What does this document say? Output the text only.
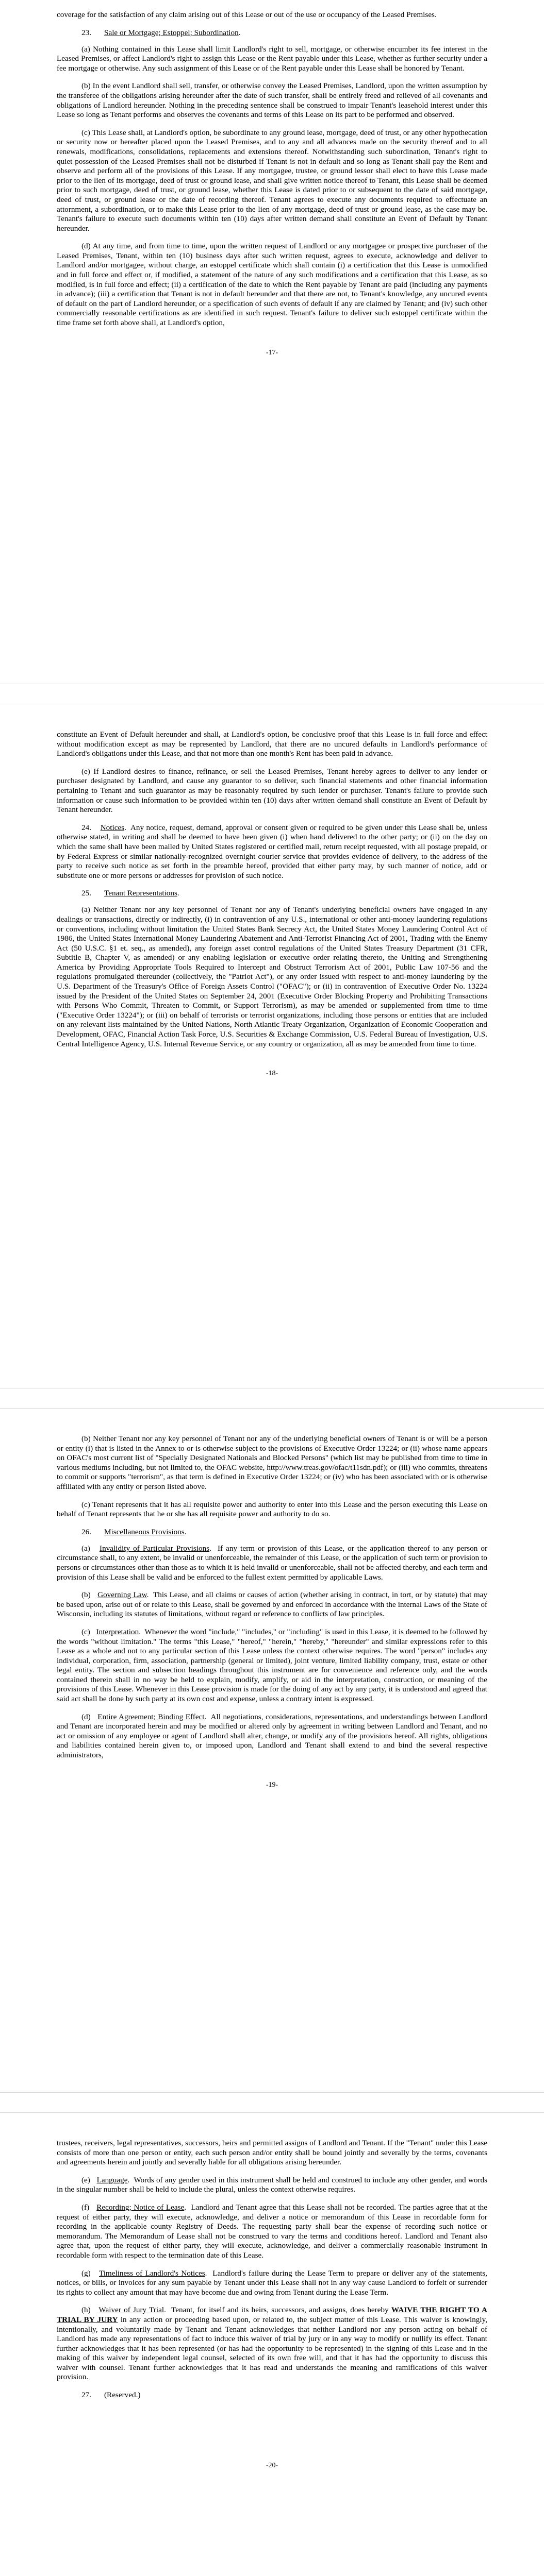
coverage for the satisfaction of any claim arising out of this Lease or out of the use or occupancy of the Leased Premises.

23. Sale or Mortgage; Estoppel; Subordination.

(a) Nothing contained in this Lease shall limit Landlord's right to sell, mortgage, or otherwise encumber its fee interest in the Leased Premises, or affect Landlord's right to assign this Lease or the Rent payable under this Lease, whether as further security under a fee mortgage or otherwise. Any such assignment of this Lease or of the Rent payable under this Lease shall be honored by Tenant.

(b) In the event Landlord shall sell, transfer, or otherwise convey the Leased Premises, Landlord, upon the written assumption by the transferee of the obligations arising hereunder after the date of such transfer, shall be entirely freed and relieved of all covenants and obligations of Landlord hereunder. Nothing in the preceding sentence shall be construed to impair Tenant's leasehold interest under this Lease so long as Tenant performs and observes the covenants and terms of this Lease on its part to be performed and observed.

(c) This Lease shall, at Landlord's option, be subordinate to any ground lease, mortgage, deed of trust, or any other hypothecation or security now or hereafter placed upon the Leased Premises, and to any and all advances made on the security thereof and to all renewals, modifications, consolidations, replacements and extensions thereof. Notwithstanding such subordination, Tenant's right to quiet possession of the Leased Premises shall not be disturbed if Tenant is not in default and so long as Tenant shall pay the Rent and observe and perform all of the provisions of this Lease. If any mortgagee, trustee, or ground lessor shall elect to have this Lease made prior to the lien of its mortgage, deed of trust or ground lease, and shall give written notice thereof to Tenant, this Lease shall be deemed prior to such mortgage, deed of trust, or ground lease, whether this Lease is dated prior to or subsequent to the date of said mortgage, deed of trust, or ground lease or the date of recording thereof. Tenant agrees to execute any documents required to effectuate an attornment, a subordination, or to make this Lease prior to the lien of any mortgage, deed of trust or ground lease, as the case may be. Tenant's failure to execute such documents within ten (10) days after written demand shall constitute an Event of Default by Tenant hereunder.

(d) At any time, and from time to time, upon the written request of Landlord or any mortgagee or prospective purchaser of the Leased Premises, Tenant, within ten (10) business days after such written request, agrees to execute, acknowledge and deliver to Landlord and/or mortgagee, without charge, an estoppel certificate which shall contain (i) a certification that this Lease is unmodified and in full force and effect or, if modified, a statement of the nature of any such modifications and a certification that this Lease, as so modified, is in full force and effect; (ii) a certification of the date to which the Rent payable by Tenant are paid (including any payments in advance); (iii) a certification that Tenant is not in default hereunder and that there are not, to Tenant's knowledge, any uncured events of default on the part of Landlord hereunder, or a specification of such events of default if any are claimed by Tenant; and (iv) such other commercially reasonable certifications as are identified in such request. Tenant's failure to deliver such estoppel certificate within the time frame set forth above shall, at Landlord's option,

-17-

constitute an Event of Default hereunder and shall, at Landlord's option, be conclusive proof that this Lease is in full force and effect without modification except as may be represented by Landlord, that there are no uncured defaults in Landlord's performance of Landlord's obligations under this Lease, and that not more than one month's Rent has been paid in advance.

(e) If Landlord desires to finance, refinance, or sell the Leased Premises, Tenant hereby agrees to deliver to any lender or purchaser designated by Landlord, and cause any guarantor to so deliver, such financial statements and other financial information pertaining to Tenant and such guarantor as may be reasonably required by such lender or purchaser. Tenant's failure to provide such information or cause such information to be provided within ten (10) days after written demand shall constitute an Event of Default by Tenant hereunder.

24. Notices.  Any notice, request, demand, approval or consent given or required to be given under this Lease shall be, unless otherwise stated, in writing and shall be deemed to have been given (i) when hand delivered to the other party; or (ii) on the day on which the same shall have been mailed by United States registered or certified mail, return receipt requested, with all postage prepaid, or by Federal Express or similar nationally-recognized overnight courier service that provides evidence of delivery, to the address of the party to receive such notice as set forth in the preamble hereof, provided that either party may, by such manner of notice, add or substitute one or more persons or addresses for provision of such notice.

25. Tenant Representations.

(a) Neither Tenant nor any key personnel of Tenant nor any of Tenant's underlying beneficial owners have engaged in any dealings or transactions, directly or indirectly, (i) in contravention of any U.S., international or other anti-money laundering regulations or conventions, including without limitation the United States Bank Secrecy Act, the United States Money Laundering Control Act of 1986, the United States International Money Laundering Abatement and Anti-Terrorist Financing Act of 2001, Trading with the Enemy Act (50 U.S.C. §1 et. seq., as amended), any foreign asset control regulations of the United States Treasury Department (31 CFR, Subtitle B, Chapter V, as amended) or any enabling legislation or executive order relating thereto, the Uniting and Strengthening America by Providing Appropriate Tools Required to Intercept and Obstruct Terrorism Act of 2001, Public Law 107-56 and the regulations promulgated thereunder (collectively, the "Patriot Act"), or any order issued with respect to anti-money laundering by the U.S. Department of the Treasury's Office of Foreign Assets Control ("OFAC"); or (ii) in contravention of Executive Order No. 13224 issued by the President of the United States on September 24, 2001 (Executive Order Blocking Property and Prohibiting Transactions with Persons Who Commit, Threaten to Commit, or Support Terrorism), as may be amended or supplemented from time to time ("Executive Order 13224"); or (iii) on behalf of terrorists or terrorist organizations, including those persons or entities that are included on any relevant lists maintained by the United Nations, North Atlantic Treaty Organization, Organization of Economic Cooperation and Development, OFAC, Financial Action Task Force, U.S. Securities & Exchange Commission, U.S. Federal Bureau of Investigation, U.S. Central Intelligence Agency, U.S. Internal Revenue Service, or any country or organization, all as may be amended from time to time.

-18-

(b) Neither Tenant nor any key personnel of Tenant nor any of the underlying beneficial owners of Tenant is or will be a person or entity (i) that is listed in the Annex to or is otherwise subject to the provisions of Executive Order 13224; or (ii) whose name appears on OFAC's most current list of "Specially Designated Nationals and Blocked Persons" (which list may be published from time to time in various mediums including, but not limited to, the OFAC website, http://www.treas.gov/ofac/t11sdn.pdf); or (iii) who commits, threatens to commit or supports "terrorism", as that term is defined in Executive Order 13224; or (iv) who has been associated with or is otherwise affiliated with any entity or person listed above.

(c) Tenant represents that it has all requisite power and authority to enter into this Lease and the person executing this Lease on behalf of Tenant represents that he or she has all requisite power and authority to do so.

26. Miscellaneous Provisions.

(a)   Invalidity of Particular Provisions.  If any term or provision of this Lease, or the application thereof to any person or circumstance shall, to any extent, be invalid or unenforceable, the remainder of this Lease, or the application of such term or provision to persons or circumstances other than those as to which it is held invalid or unenforceable, shall not be affected thereby, and each term and provision of this Lease shall be valid and be enforced to the fullest extent permitted by applicable Laws.

(b)   Governing Law.  This Lease, and all claims or causes of action (whether arising in contract, in tort, or by statute) that may be based upon, arise out of or relate to this Lease, shall be governed by and enforced in accordance with the internal Laws of the State of Wisconsin, including its statutes of limitations, without regard or reference to conflicts of law principles.

(c)   Interpretation.  Whenever the word "include," "includes," or "including" is used in this Lease, it is deemed to be followed by the words "without limitation." The terms "this Lease," "hereof," "herein," "hereby," "hereunder" and similar expressions refer to this Lease as a whole and not to any particular section of this Lease unless the context otherwise requires. The word "person" includes any individual, corporation, firm, association, partnership (general or limited), joint venture, limited liability company, trust, estate or other legal entity. The section and subsection headings throughout this instrument are for convenience and reference only, and the words contained therein shall in no way be held to explain, modify, amplify, or aid in the interpretation, construction, or meaning of the provisions of this Lease. Whenever in this Lease provision is made for the doing of any act by any party, it is understood and agreed that said act shall be done by such party at its own cost and expense, unless a contrary intent is expressed.

(d)   Entire Agreement; Binding Effect.  All negotiations, considerations, representations, and understandings between Landlord and Tenant are incorporated herein and may be modified or altered only by agreement in writing between Landlord and Tenant, and no act or omission of any employee or agent of Landlord shall alter, change, or modify any of the provisions hereof. All rights, obligations and liabilities contained herein given to, or imposed upon, Landlord and Tenant shall extend to and bind the several respective administrators,

-19-

trustees, receivers, legal representatives, successors, heirs and permitted assigns of Landlord and Tenant. If the "Tenant" under this Lease consists of more than one person or entity, each such person and/or entity shall be bound jointly and severally by the terms, covenants and agreements herein and jointly and severally liable for all obligations arising hereunder.

(e)   Language.  Words of any gender used in this instrument shall be held and construed to include any other gender, and words in the singular number shall be held to include the plural, unless the context otherwise requires.

(f)   Recording; Notice of Lease.  Landlord and Tenant agree that this Lease shall not be recorded. The parties agree that at the request of either party, they will execute, acknowledge, and deliver a notice or memorandum of this Lease in recordable form for recording in the applicable county Registry of Deeds. The requesting party shall bear the expense of recording such notice or memorandum. The Memorandum of Lease shall not be construed to vary the terms and conditions hereof. Landlord and Tenant also agree that, upon the request of either party, they will execute, acknowledge, and deliver a commercially reasonable instrument in recordable form with respect to the termination date of this Lease.

(g)   Timeliness of Landlord's Notices.  Landlord's failure during the Lease Term to prepare or deliver any of the statements, notices, or bills, or invoices for any sum payable by Tenant under this Lease shall not in any way cause Landlord to forfeit or surrender its rights to collect any amount that may have become due and owing from Tenant during the Lease Term.

(h)   Waiver of Jury Trial.  Tenant, for itself and its heirs, successors, and assigns, does hereby WAIVE THE RIGHT TO A TRIAL BY JURY in any action or proceeding based upon, or related to, the subject matter of this Lease. This waiver is knowingly, intentionally, and voluntarily made by Tenant and Tenant acknowledges that neither Landlord nor any person acting on behalf of Landlord has made any representations of fact to induce this waiver of trial by jury or in any way to modify or nullify its effect. Tenant further acknowledges that it has been represented (or has had the opportunity to be represented) in the signing of this Lease and in the making of this waiver by independent legal counsel, selected of its own free will, and that it has had the opportunity to discuss this waiver with counsel. Tenant further acknowledges that it has read and understands the meaning and ramifications of this waiver provision.

27. (Reserved.)
-20-
